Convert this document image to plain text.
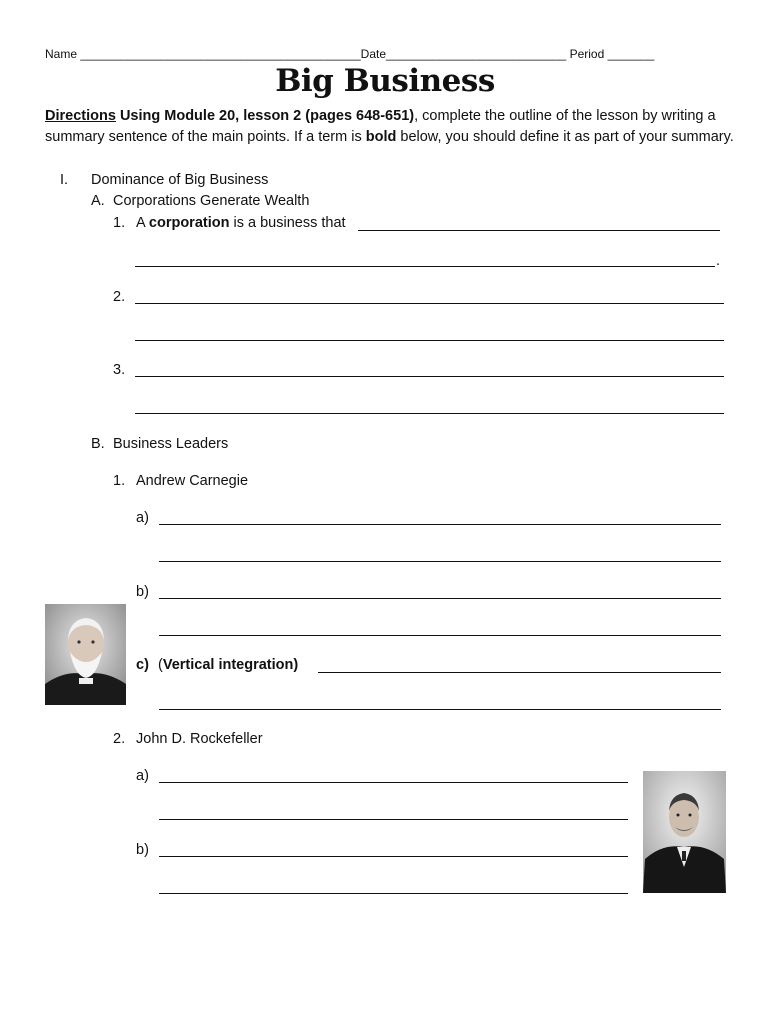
Name __________________________________________Date___________________________ Period _______
Big Business
Directions Using Module 20, lesson 2 (pages 648-651), complete the outline of the lesson by writing a summary sentence of the main points. If a term is bold below, you should define it as part of your summary.
I. Dominance of Big Business
A. Corporations Generate Wealth
1. A corporation is a business that
.
2.
3.
B. Business Leaders
1. Andrew Carnegie
a)
b)
c) (Vertical integration)
2. John D. Rockefeller
a)
b)
